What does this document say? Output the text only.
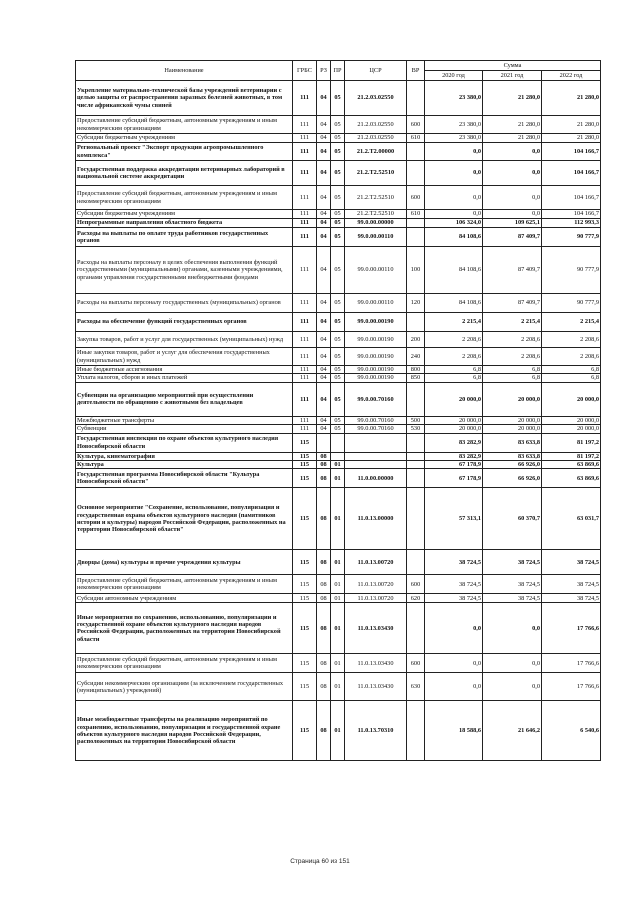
Наименование	ГРБС	РЗ	ПР	ЦСР	ВР	Сумма		
						2020 год	2021 год	2022 год
Укрепление материально-технической базы учреждений ветеринарии с целью защиты от распространения заразных болезней животных, в том числе африканской чумы свиней	111	04	05	21.2.03.02550		23 380,0	21 280,0	21 280,0
Предоставление субсидий бюджетным, автономным учреждениям и иным некоммерческим организациям	111	04	05	21.2.03.02550	600	23 380,0	21 280,0	21 280,0
Субсидии бюджетным учреждениям	111	04	05	21.2.03.02550	610	23 380,0	21 280,0	21 280,0
Региональный проект "Экспорт продукции агропромышленного комплекса"	111	04	05	21.2.T2.00000		0,0	0,0	104 166,7
Государственная поддержка аккредитации ветеринарных лабораторий в национальной системе аккредитации	111	04	05	21.2.T2.52510		0,0	0,0	104 166,7
Предоставление субсидий бюджетным, автономным учреждениям и иным некоммерческим организациям	111	04	05	21.2.T2.52510	600	0,0	0,0	104 166,7
Субсидии бюджетным учреждениям	111	04	05	21.2.T2.52510	610	0,0	0,0	104 166,7
Непрограммные направления областного бюджета	111	04	05	99.0.00.00000		106 324,0	109 625,1	112 993,3
Расходы на выплаты по оплате труда работников государственных органов	111	04	05	99.0.00.00110		84 108,6	87 409,7	90 777,9
Расходы на выплаты персоналу в целях обеспечения выполнения функций государственными (муниципальными) органами, казенными учреждениями, органами управления государственными внебюджетными фондами	111	04	05	99.0.00.00110	100	84 108,6	87 409,7	90 777,9
Расходы на выплаты персоналу государственных (муниципальных) органов	111	04	05	99.0.00.00110	120	84 108,6	87 409,7	90 777,9
Расходы на обеспечение функций государственных органов	111	04	05	99.0.00.00190		2 215,4	2 215,4	2 215,4
Закупка товаров, работ и услуг для государственных (муниципальных) нужд	111	04	05	99.0.00.00190	200	2 208,6	2 208,6	2 208,6
Иные закупки товаров, работ и услуг для обеспечения государственных (муниципальных) нужд	111	04	05	99.0.00.00190	240	2 208,6	2 208,6	2 208,6
Иные бюджетные ассигнования	111	04	05	99.0.00.00190	800	6,8	6,8	6,8
Уплата налогов, сборов и иных платежей	111	04	05	99.0.00.00190	850	6,8	6,8	6,8
Субвенции на организацию мероприятий при осуществлении деятельности по обращению с животными без владельцев	111	04	05	99.0.00.70160		20 000,0	20 000,0	20 000,0
Межбюджетные трансферты	111	04	05	99.0.00.70160	500	20 000,0	20 000,0	20 000,0
Субвенции	111	04	05	99.0.00.70160	530	20 000,0	20 000,0	20 000,0
Государственная инспекция по охране объектов культурного наследия Новосибирской области	115					83 282,9	83 633,8	81 197,2
Культура, кинематография	115	08				83 282,9	83 633,8	81 197,2
Культура	115	08	01			67 178,9	66 926,0	63 869,6
Государственная программа Новосибирской области "Культура Новосибирской области"	115	08	01	11.0.00.00000		67 178,9	66 926,0	63 869,6
Основное мероприятие "Сохранение, использование, популяризация и государственная охрана объектов культурного наследия (памятников истории и культуры) народов Российской Федерации, расположенных на территории Новосибирской области"	115	08	01	11.0.13.00000		57 313,1	60 370,7	63 031,7
Дворцы (дома) культуры и прочие учреждения культуры	115	08	01	11.0.13.00720		38 724,5	38 724,5	38 724,5
Предоставление субсидий бюджетным, автономным учреждениям и иным некоммерческим организациям	115	08	01	11.0.13.00720	600	38 724,5	38 724,5	38 724,5
Субсидии автономным учреждениям	115	08	01	11.0.13.00720	620	38 724,5	38 724,5	38 724,5
Иные мероприятия по сохранению, использованию, популяризации и государственной охране объектов культурного наследия народов Российской Федерации, расположенных на территории Новосибирской области	115	08	01	11.0.13.03430		0,0	0,0	17 766,6
Предоставление субсидий бюджетным, автономным учреждениям и иным некоммерческим организациям	115	08	01	11.0.13.03430	600	0,0	0,0	17 766,6
Субсидии некоммерческим организациям (за исключением государственных (муниципальных) учреждений)	115	08	01	11.0.13.03430	630	0,0	0,0	17 766,6
Иные межбюджетные трансферты на реализацию мероприятий по сохранению, использованию, популяризации и государственной охране объектов культурного наследия народов Российской Федерации, расположенных на территории Новосибирской области	115	08	01	11.0.13.70310		18 588,6	21 646,2	6 540,6
Страница 60 из 151
